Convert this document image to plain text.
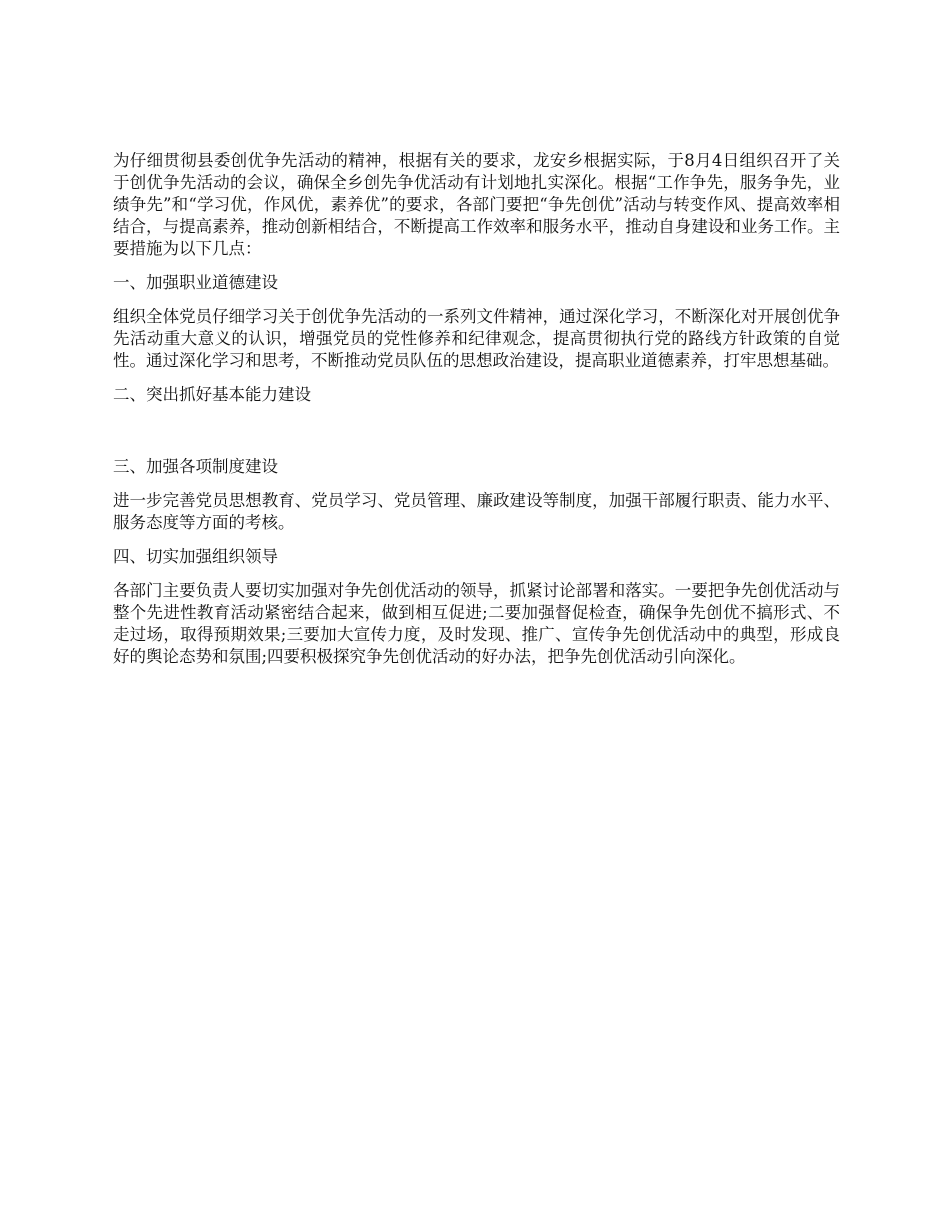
为仔细贯彻县委创优争先活动的精神，根据有关的要求，龙安乡根据实际，于8月4日组织召开了关于创优争先活动的会议，确保全乡创先争优活动有计划地扎实深化。根据“工作争先，服务争先，业绩争先”和“学习优，作风优，素养优”的要求，各部门要把“争先创优”活动与转变作风、提高效率相结合，与提高素养，推动创新相结合，不断提高工作效率和服务水平，推动自身建设和业务工作。主要措施为以下几点：

一、加强职业道德建设

组织全体党员仔细学习关于创优争先活动的一系列文件精神，通过深化学习，不断深化对开展创优争先活动重大意义的认识，增强党员的党性修养和纪律观念，提高贯彻执行党的路线方针政策的自觉性。通过深化学习和思考，不断推动党员队伍的思想政治建设，提高职业道德素养，打牢思想基础。

二、突出抓好基本能力建设

三、加强各项制度建设

进一步完善党员思想教育、党员学习、党员管理、廉政建设等制度，加强干部履行职责、能力水平、服务态度等方面的考核。

四、切实加强组织领导

各部门主要负责人要切实加强对争先创优活动的领导，抓紧讨论部署和落实。一要把争先创优活动与整个先进性教育活动紧密结合起来，做到相互促进;二要加强督促检查，确保争先创优不搞形式、不走过场，取得预期效果;三要加大宣传力度，及时发现、推广、宣传争先创优活动中的典型，形成良好的舆论态势和氛围;四要积极探究争先创优活动的好办法，把争先创优活动引向深化。
